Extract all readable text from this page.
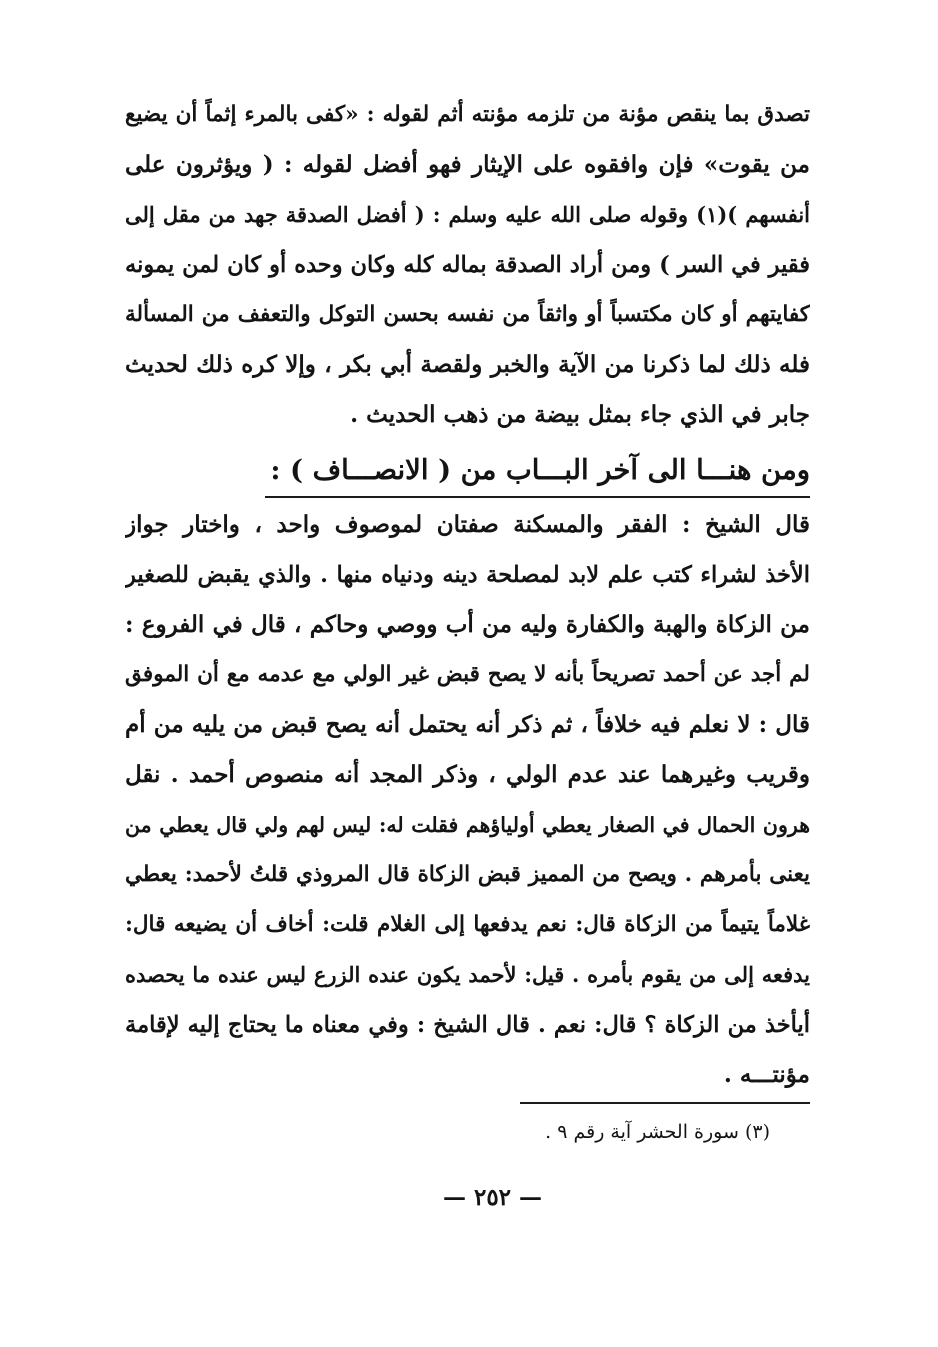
تصدق بما ينقص مؤنة من تلزمه مؤنته أثم لقوله : «كفى بالمرء إثماً أن يضيع
من يقوت» فإن وافقوه على الإيثار فهو أفضل لقوله : ( ويؤثرون على
أنفسهم )(١) وقوله صلى الله عليه وسلم : ( أفضل الصدقة جهد من مقل إلى
فقير في السر ) ومن أراد الصدقة بماله كله وكان وحده أو كان لمن يمونه
كفايتهم أو كان مكتسباً أو واثقاً من نفسه بحسن التوكل والتعفف من المسألة
فله ذلك لما ذكرنا من الآية والخبر ولقصة أبي بكر ، وإلا كره ذلك لحديث
جابر في الذي جاء بمثل بيضة من ذهب الحديث .
ومن هنـــا الى آخر البـــاب من ( الانصـــاف ) :
قال الشيخ : الفقر والمسكنة صفتان لموصوف واحد ، واختار جواز
الأخذ لشراء كتب علم لابد لمصلحة دينه ودنياه منها . والذي يقبض للصغير
من الزكاة والهبة والكفارة وليه من أب ووصي وحاكم ، قال في الفروع :
لم أجد عن أحمد تصريحاً بأنه لا يصح قبض غير الولي مع عدمه مع أن الموفق
قال : لا نعلم فيه خلافاً ، ثم ذكر أنه يحتمل أنه يصح قبض من يليه من أم
وقريب وغيرهما عند عدم الولي ، وذكر المجد أنه منصوص أحمد . نقل
هرون الحمال في الصغار يعطي أولياؤهم فقلت له: ليس لهم ولي قال يعطي من
يعنى بأمرهم . ويصح من المميز قبض الزكاة قال المروذي قلتُ لأحمد: يعطي
غلاماً يتيماً من الزكاة قال: نعم يدفعها إلى الغلام قلت: أخاف أن يضيعه قال:
يدفعه إلى من يقوم بأمره . قيل: لأحمد يكون عنده الزرع ليس عنده ما يحصده
أيأخذ من الزكاة ؟ قال: نعم . قال الشيخ : وفي معناه ما يحتاج إليه لإقامة
مؤنتـــه .
(٣) سورة الحشر آية رقم ٩ .
— ٢٥٢ —
